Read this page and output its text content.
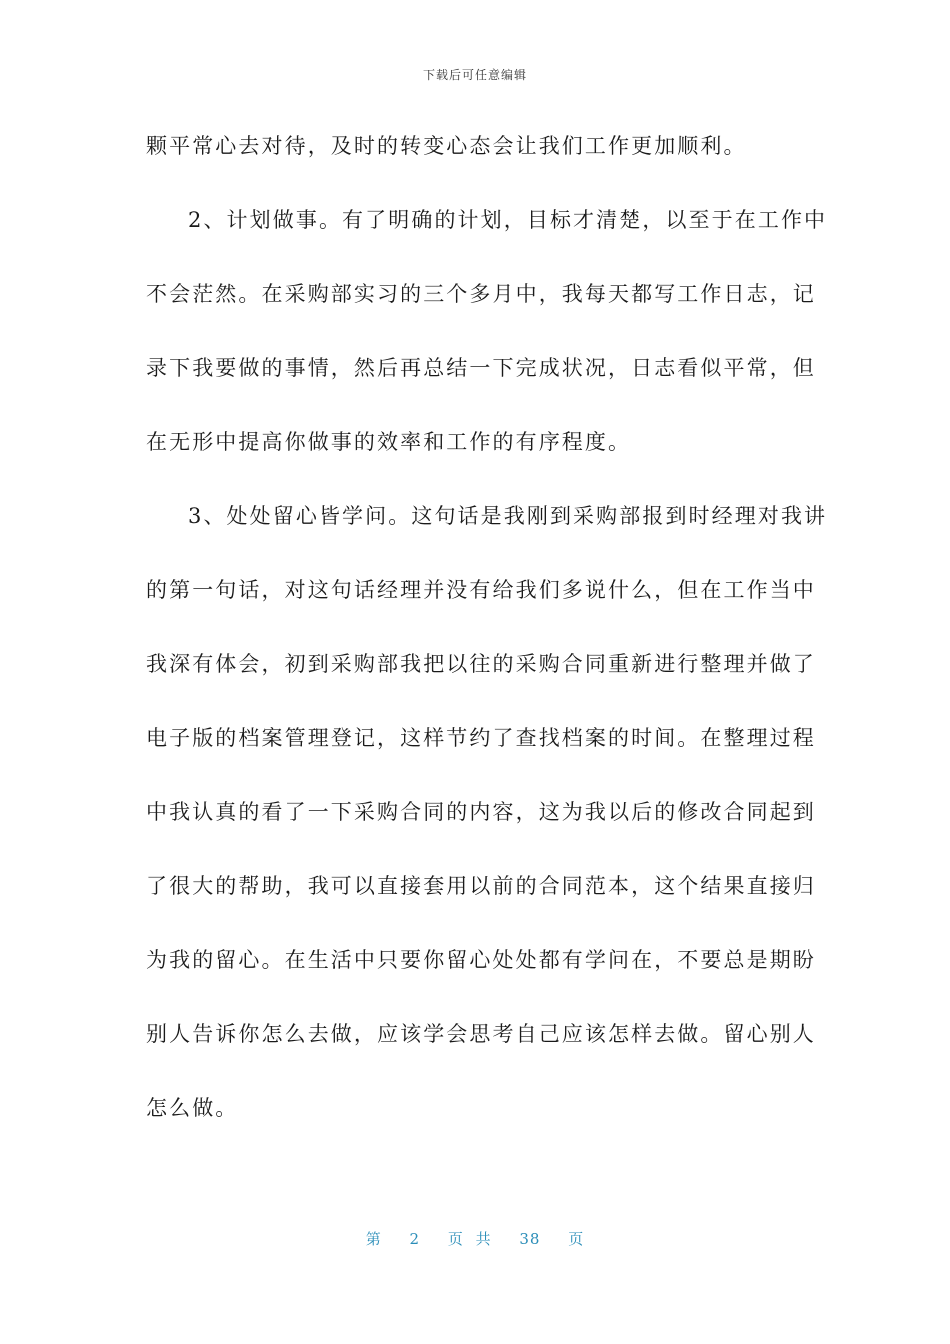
下载后可任意编辑
颗平常心去对待，及时的转变心态会让我们工作更加顺利。
2、计划做事。有了明确的计划，目标才清楚，以至于在工作中
不会茫然。在采购部实习的三个多月中，我每天都写工作日志，记
录下我要做的事情，然后再总结一下完成状况，日志看似平常，但
在无形中提高你做事的效率和工作的有序程度。
3、处处留心皆学问。这句话是我刚到采购部报到时经理对我讲
的第一句话，对这句话经理并没有给我们多说什么，但在工作当中
我深有体会，初到采购部我把以往的采购合同重新进行整理并做了
电子版的档案管理登记，这样节约了查找档案的时间。在整理过程
中我认真的看了一下采购合同的内容，这为我以后的修改合同起到
了很大的帮助，我可以直接套用以前的合同范本，这个结果直接归
为我的留心。在生活中只要你留心处处都有学问在，不要总是期盼
别人告诉你怎么去做，应该学会思考自己应该怎样去做。留心别人
怎么做。
第 2 页 共 38 页
